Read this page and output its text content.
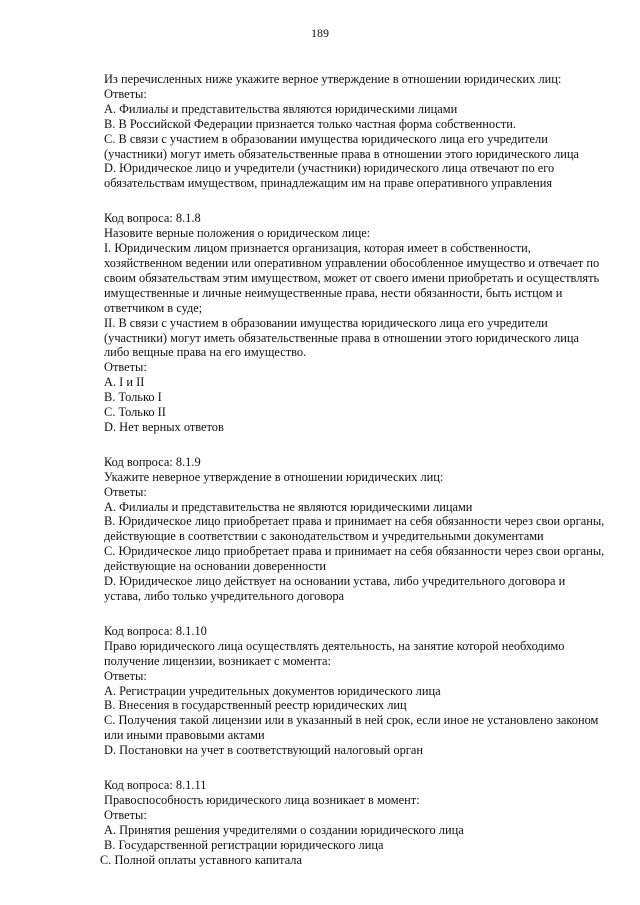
189
Из перечисленных ниже укажите верное утверждение в отношении юридических лиц:
Ответы:
A. Филиалы и представительства являются юридическими лицами
B. В Российской Федерации признается только частная форма собственности.
C. В связи с участием в образовании имущества юридического лица его учредители
(участники) могут иметь обязательственные права в отношении этого юридического лица
D. Юридическое лицо и учредители (участники) юридического лица отвечают по его
обязательствам имуществом, принадлежащим им на праве оперативного управления
Код вопроса: 8.1.8
Назовите верные положения о юридическом лице:
I. Юридическим лицом признается организация, которая имеет в собственности,
хозяйственном ведении или оперативном управлении обособленное имущество и отвечает по
своим обязательствам этим имуществом, может от своего имени приобретать и осуществлять
имущественные и личные неимущественные права, нести обязанности, быть истцом и
ответчиком в суде;
II. В связи с участием в образовании имущества юридического лица его учредители
(участники) могут иметь обязательственные права в отношении этого юридического лица
либо вещные права на его имущество.
Ответы:
A. I и II
B. Только I
C. Только II
D. Нет верных ответов
Код вопроса: 8.1.9
Укажите неверное утверждение в отношении юридических лиц:
Ответы:
A. Филиалы и представительства не являются юридическими лицами
B. Юридическое лицо приобретает права и принимает на себя обязанности через свои органы,
действующие в соответствии с законодательством и учредительными документами
C. Юридическое лицо приобретает права и принимает на себя обязанности через свои органы,
действующие на основании доверенности
D. Юридическое лицо действует на основании устава, либо учредительного договора и
устава, либо только учредительного договора
Код вопроса: 8.1.10
Право юридического лица осуществлять деятельность, на занятие которой необходимо
получение лицензии, возникает с момента:
Ответы:
A. Регистрации учредительных документов юридического лица
B. Внесения в государственный реестр юридических лиц
C. Получения такой лицензии или в указанный в ней срок, если иное не установлено законом
или иными правовыми актами
D. Постановки на учет в соответствующий налоговый орган
Код вопроса: 8.1.11
Правоспособность юридического лица возникает в момент:
Ответы:
A. Принятия решения учредителями о создании юридического лица
B. Государственной регистрации юридического лица
C. Полной оплаты уставного капитала
